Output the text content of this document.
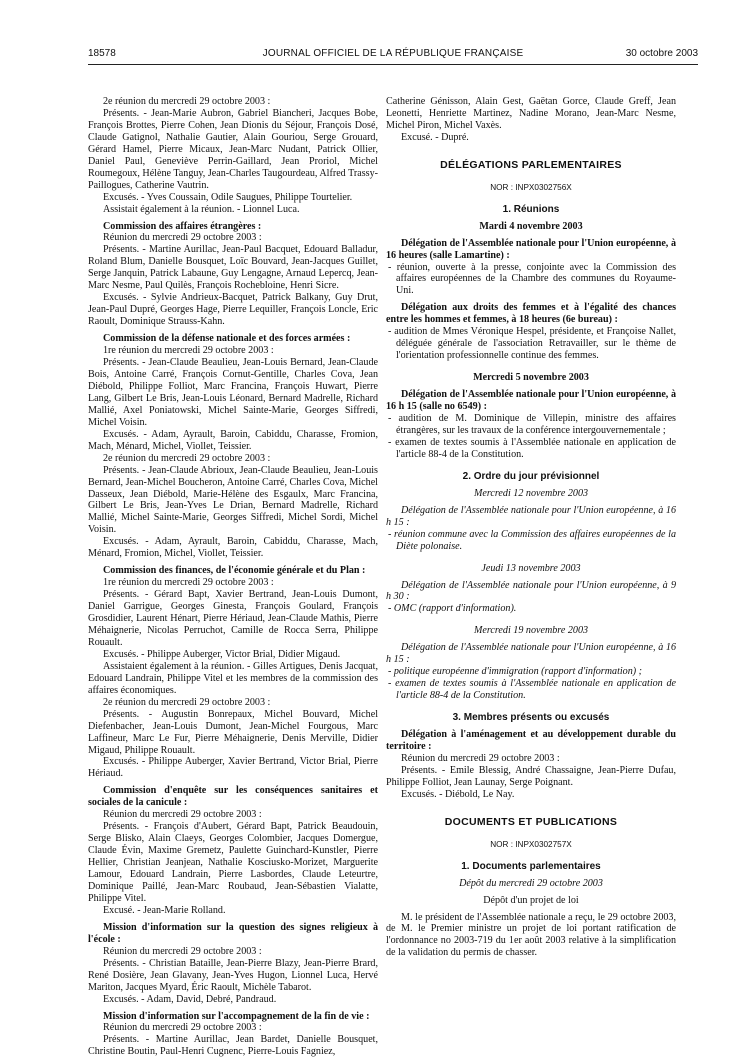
18578	JOURNAL OFFICIEL DE LA RÉPUBLIQUE FRANÇAISE	30 octobre 2003

2e réunion du mercredi 29 octobre 2003 :

Présents. - Jean-Marie Aubron, Gabriel Biancheri, Jacques Bobe, François Brottes, Pierre Cohen, Jean Dionis du Séjour, François Dosé, Claude Gatignol, Nathalie Gautier, Alain Gouriou, Serge Grouard, Gérard Hamel, Pierre Micaux, Jean-Marc Nudant, Patrick Ollier, Daniel Paul, Geneviève Perrin-Gaillard, Jean Proriol, Michel Roumegoux, Hélène Tanguy, Jean-Charles Taugourdeau, Alfred Trassy-Paillogues, Catherine Vautrin.

Excusés. - Yves Coussain, Odile Saugues, Philippe Tourtelier.

Assistait également à la réunion. - Lionnel Luca.

Commission des affaires étrangères :

Réunion du mercredi 29 octobre 2003 :

Présents. - Martine Aurillac, Jean-Paul Bacquet, Edouard Balladur, Roland Blum, Danielle Bousquet, Loïc Bouvard, Jean-Jacques Guillet, Serge Janquin, Patrick Labaune, Guy Lengagne, Arnaud Lepercq, Jean-Marc Nesme, Paul Quilès, François Rochebloine, Henri Sicre.

Excusés. - Sylvie Andrieux-Bacquet, Patrick Balkany, Guy Drut, Jean-Paul Dupré, Georges Hage, Pierre Lequiller, François Loncle, Eric Raoult, Dominique Strauss-Kahn.

Commission de la défense nationale et des forces armées :

1re réunion du mercredi 29 octobre 2003 :

Présents. - Jean-Claude Beaulieu, Jean-Louis Bernard, Jean-Claude Bois, Antoine Carré, François Cornut-Gentille, Charles Cova, Jean Diébold, Philippe Folliot, Marc Francina, François Huwart, Pierre Lang, Gilbert Le Bris, Jean-Louis Léonard, Bernard Madrelle, Richard Mallié, Axel Poniatowski, Michel Sainte-Marie, Georges Siffredi, Michel Voisin.

Excusés. - Adam, Ayrault, Baroin, Cabiddu, Charasse, Fromion, Mach, Ménard, Michel, Viollet, Teissier.

2e réunion du mercredi 29 octobre 2003 :

Présents. - Jean-Claude Abrioux, Jean-Claude Beaulieu, Jean-Louis Bernard, Jean-Michel Boucheron, Antoine Carré, Charles Cova, Michel Dasseux, Jean Diébold, Marie-Hélène des Esgaulx, Marc Francina, Gilbert Le Bris, Jean-Yves Le Drian, Bernard Madrelle, Richard Mallié, Michel Sainte-Marie, Georges Siffredi, Michel Sordi, Michel Voisin.

Excusés. - Adam, Ayrault, Baroin, Cabiddu, Charasse, Mach, Ménard, Fromion, Michel, Viollet, Teissier.

Commission des finances, de l'économie générale et du Plan :

1re réunion du mercredi 29 octobre 2003 :

Présents. - Gérard Bapt, Xavier Bertrand, Jean-Louis Dumont, Daniel Garrigue, Georges Ginesta, François Goulard, François Grosdidier, Laurent Hénart, Pierre Hériaud, Jean-Claude Mathis, Pierre Méhaignerie, Nicolas Perruchot, Camille de Rocca Serra, Philippe Rouault.

Excusés. - Philippe Auberger, Victor Brial, Didier Migaud.

Assistaient également à la réunion. - Gilles Artigues, Denis Jacquat, Edouard Landrain, Philippe Vitel et les membres de la commission des affaires économiques.

2e réunion du mercredi 29 octobre 2003 :

Présents. - Augustin Bonrepaux, Michel Bouvard, Michel Diefenbacher, Jean-Louis Dumont, Jean-Michel Fourgous, Marc Laffineur, Marc Le Fur, Pierre Méhaignerie, Denis Merville, Didier Migaud, Philippe Rouault.

Excusés. - Philippe Auberger, Xavier Bertrand, Victor Brial, Pierre Hériaud.

Commission d'enquête sur les conséquences sanitaires et sociales de la canicule :

Réunion du mercredi 29 octobre 2003 :

Présents. - François d'Aubert, Gérard Bapt, Patrick Beaudouin, Serge Blisko, Alain Claeys, Georges Colombier, Jacques Domergue, Claude Évin, Maxime Gremetz, Paulette Guinchard-Kunstler, Pierre Hellier, Christian Jeanjean, Nathalie Kosciusko-Morizet, Marguerite Lamour, Edouard Landrain, Pierre Lasbordes, Claude Leteurtre, Dominique Paillé, Jean-Marc Roubaud, Jean-Sébastien Vialatte, Philippe Vitel.

Excusé. - Jean-Marie Rolland.

Mission d'information sur la question des signes religieux à l'école :

Réunion du mercredi 29 octobre 2003 :

Présents. - Christian Bataille, Jean-Pierre Blazy, Jean-Pierre Brard, René Dosière, Jean Glavany, Jean-Yves Hugon, Lionnel Luca, Hervé Mariton, Jacques Myard, Éric Raoult, Michèle Tabarot.

Excusés. - Adam, David, Debré, Pandraud.

Mission d'information sur l'accompagnement de la fin de vie :

Réunion du mercredi 29 octobre 2003 :

Présents. - Martine Aurillac, Jean Bardet, Danielle Bousquet, Christine Boutin, Paul-Henri Cugnenc, Pierre-Louis Fagniez,

Catherine Génisson, Alain Gest, Gaëtan Gorce, Claude Greff, Jean Leonetti, Henriette Martinez, Nadine Morano, Jean-Marc Nesme, Michel Piron, Michel Vaxès.

Excusé. - Dupré.

DÉLÉGATIONS PARLEMENTAIRES

NOR : INPX0302756X

1. Réunions

Mardi 4 novembre 2003

Délégation de l'Assemblée nationale pour l'Union européenne, à 16 heures (salle Lamartine) :

- réunion, ouverte à la presse, conjointe avec la Commission des affaires européennes de la Chambre des communes du Royaume-Uni.

Délégation aux droits des femmes et à l'égalité des chances entre les hommes et femmes, à 18 heures (6e bureau) :

- audition de Mmes Véronique Hespel, présidente, et Françoise Nallet, déléguée générale de l'association Retravailler, sur le thème de l'orientation professionnelle continue des femmes.

Mercredi 5 novembre 2003

Délégation de l'Assemblée nationale pour l'Union européenne, à 16 h 15 (salle no 6549) :

- audition de M. Dominique de Villepin, ministre des affaires étrangères, sur les travaux de la conférence intergouvernementale ;

- examen de textes soumis à l'Assemblée nationale en application de l'article 88-4 de la Constitution.

2. Ordre du jour prévisionnel

Mercredi 12 novembre 2003

Délégation de l'Assemblée nationale pour l'Union européenne, à 16 h 15 :

- réunion commune avec la Commission des affaires européennes de la Diète polonaise.

Jeudi 13 novembre 2003

Délégation de l'Assemblée nationale pour l'Union européenne, à 9 h 30 :

- OMC (rapport d'information).

Mercredi 19 novembre 2003

Délégation de l'Assemblée nationale pour l'Union européenne, à 16 h 15 :

- politique européenne d'immigration (rapport d'information) ;

- examen de textes soumis à l'Assemblée nationale en application de l'article 88-4 de la Constitution.

3. Membres présents ou excusés

Délégation à l'aménagement et au développement durable du territoire :

Réunion du mercredi 29 octobre 2003 :

Présents. - Emile Blessig, André Chassaigne, Jean-Pierre Dufau, Philippe Folliot, Jean Launay, Serge Poignant.

Excusés. - Diébold, Le Nay.

DOCUMENTS ET PUBLICATIONS

NOR : INPX0302757X

1. Documents parlementaires

Dépôt du mercredi 29 octobre 2003

Dépôt d'un projet de loi

M. le président de l'Assemblée nationale a reçu, le 29 octobre 2003, de M. le Premier ministre un projet de loi portant ratification de l'ordonnance no 2003-719 du 1er août 2003 relative à la simplification de la validation du permis de chasser.
